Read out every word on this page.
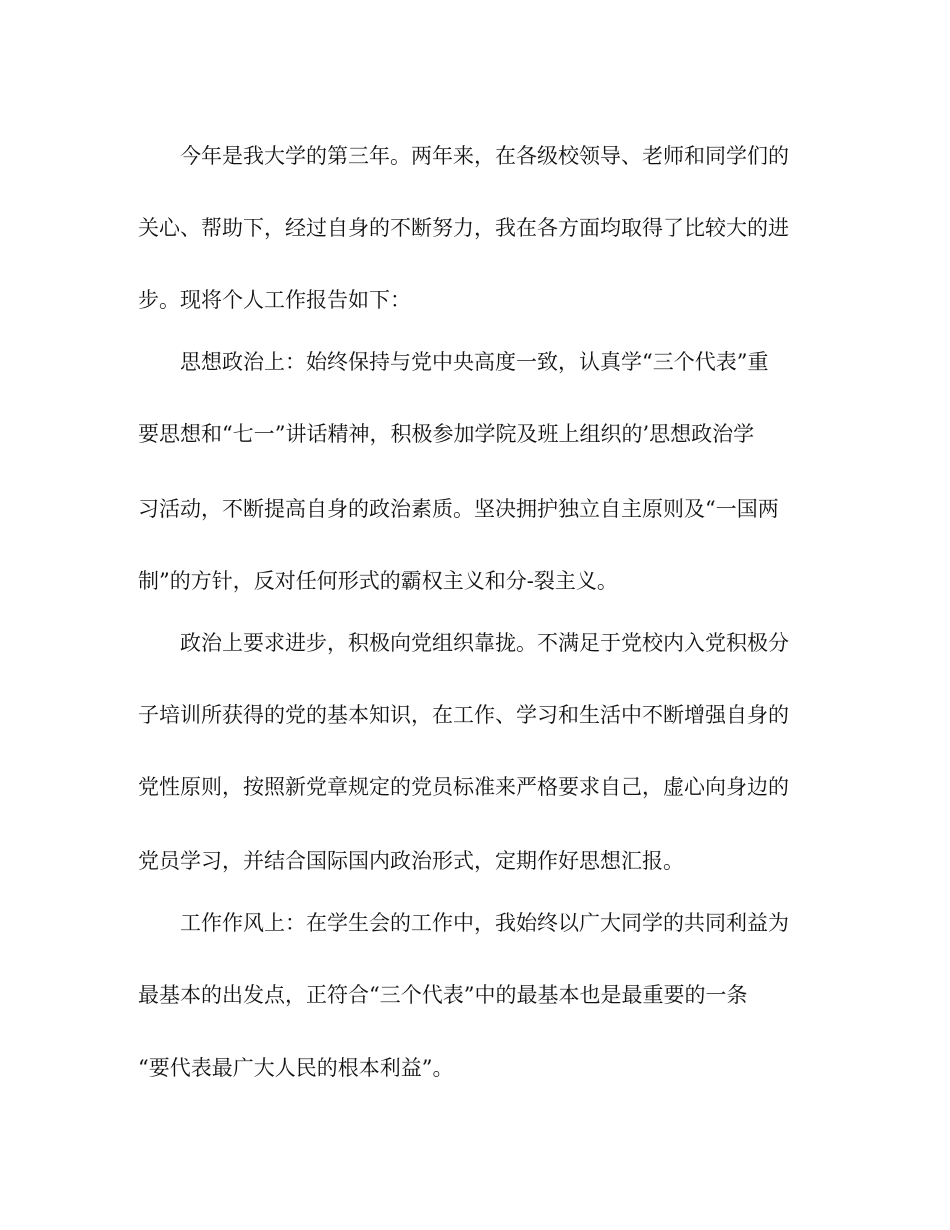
今年是我大学的第三年。两年来，在各级校领导、老师和同学们的
关心、帮助下，经过自身的不断努力，我在各方面均取得了比较大的进
步。现将个人工作报告如下：
思想政治上：始终保持与党中央高度一致，认真学“三个代表”重
要思想和“七一”讲话精神，积极参加学院及班上组织的’思想政治学
习活动，不断提高自身的政治素质。坚决拥护独立自主原则及“一国两
制”的方针，反对任何形式的霸权主义和分-裂主义。
政治上要求进步，积极向党组织靠拢。不满足于党校内入党积极分
子培训所获得的党的基本知识，在工作、学习和生活中不断增强自身的
党性原则，按照新党章规定的党员标准来严格要求自己，虚心向身边的
党员学习，并结合国际国内政治形式，定期作好思想汇报。
工作作风上：在学生会的工作中，我始终以广大同学的共同利益为
最基本的出发点，正符合“三个代表”中的最基本也是最重要的一条
“要代表最广大人民的根本利益”。
